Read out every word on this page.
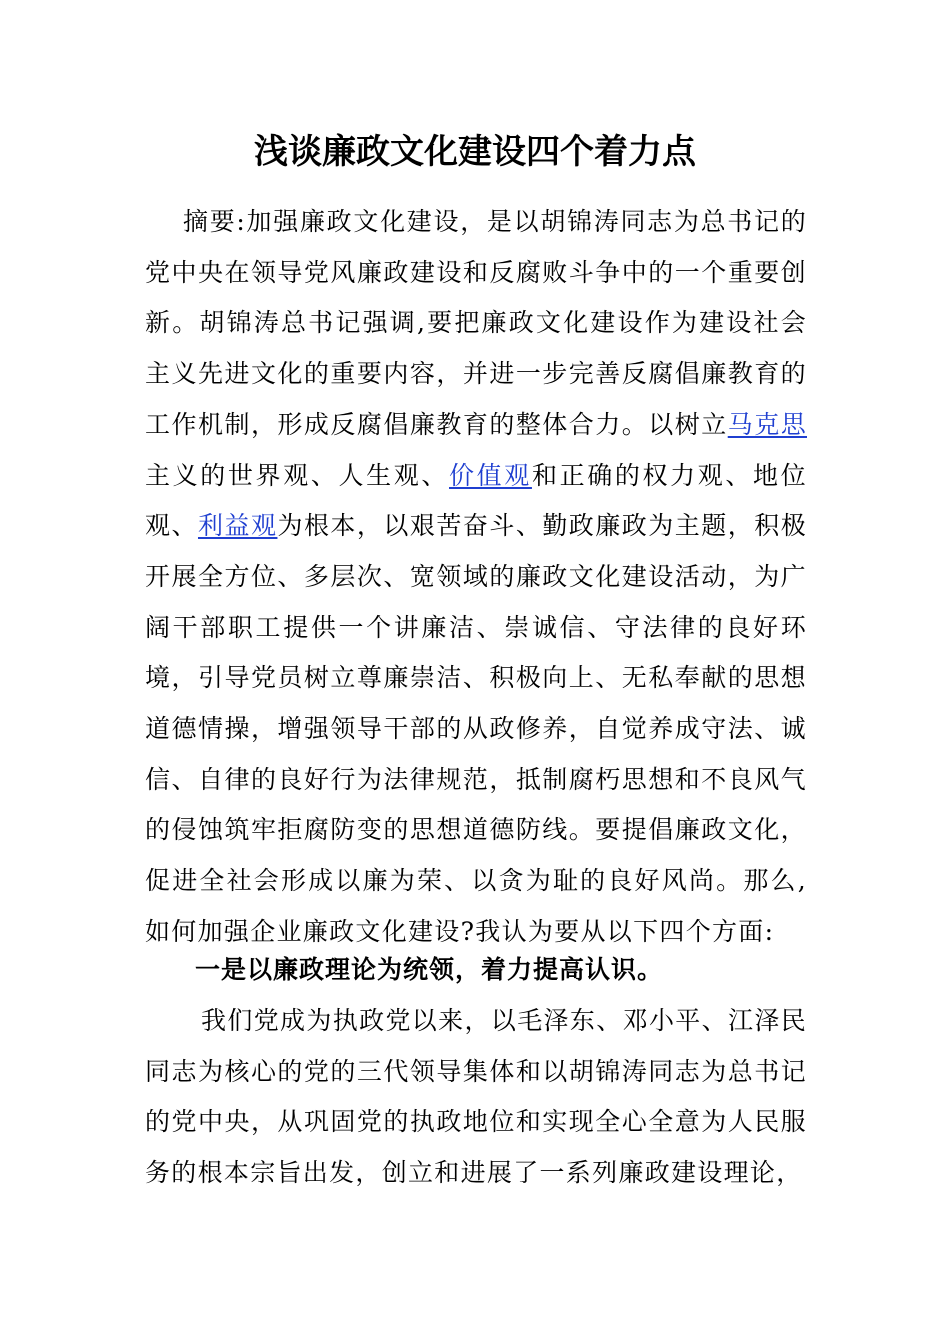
浅谈廉政文化建设四个着力点

摘要:加强廉政文化建设，是以胡锦涛同志为总书记的党中央在领导党风廉政建设和反腐败斗争中的一个重要创新。胡锦涛总书记强调,要把廉政文化建设作为建设社会主义先进文化的重要内容，并进一步完善反腐倡廉教育的工作机制，形成反腐倡廉教育的整体合力。以树立马克思主义的世界观、人生观、价值观和正确的权力观、地位观、利益观为根本，以艰苦奋斗、勤政廉政为主题，积极开展全方位、多层次、宽领域的廉政文化建设活动，为广阔干部职工提供一个讲廉洁、崇诚信、守法律的良好环境，引导党员树立尊廉崇洁、积极向上、无私奉献的思想道德情操，增强领导干部的从政修养，自觉养成守法、诚信、自律的良好行为法律规范，抵制腐朽思想和不良风气的侵蚀筑牢拒腐防变的思想道德防线。要提倡廉政文化，促进全社会形成以廉为荣、以贪为耻的良好风尚。那么,如何加强企业廉政文化建设?我认为要从以下四个方面:

一是以廉政理论为统领，着力提高认识。

我们党成为执政党以来，以毛泽东、邓小平、江泽民同志为核心的党的三代领导集体和以胡锦涛同志为总书记的党中央，从巩固党的执政地位和实现全心全意为人民服务的根本宗旨出发，创立和进展了一系列廉政建设理论，
